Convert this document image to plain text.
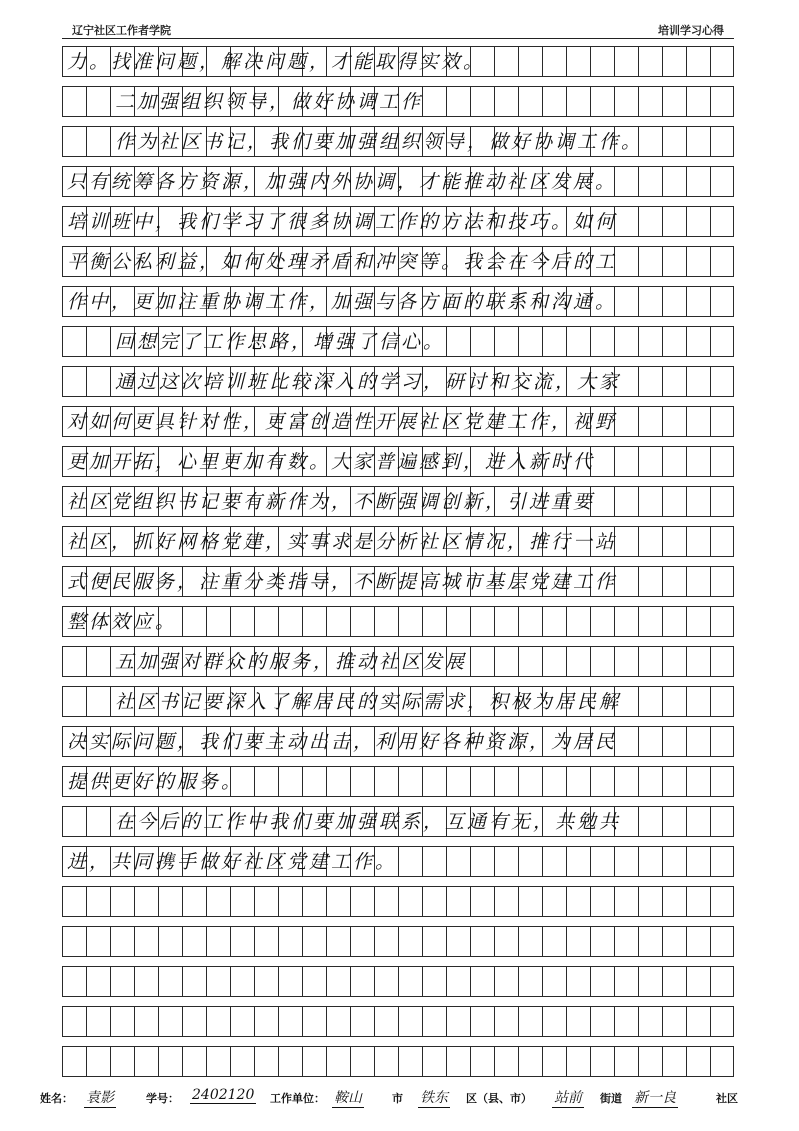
辽宁社区工作者学院	培训学习心得
力。找准问题，解决问题，才能取得实效。
二加强组织领导，做好协调工作
作为社区书记，我们要加强组织领导，做好协调工作。
只有统筹各方资源，加强内外协调，才能推动社区发展。
培训班中，我们学习了很多协调工作的方法和技巧。如何
平衡公私利益，如何处理矛盾和冲突等。我会在今后的工
作中，更加注重协调工作，加强与各方面的联系和沟通。
回想完了工作思路，增强了信心。
通过这次培训班比较深入的学习，研讨和交流，大家
对如何更具针对性，更富创造性开展社区党建工作，视野
更加开拓，心里更加有数。大家普遍感到，进入新时代
社区党组织书记要有新作为，不断强调创新，引进重要
社区，抓好网格党建，实事求是分析社区情况，推行一站
式便民服务，注重分类指导，不断提高城市基层党建工作
整体效应。
五加强对群众的服务，推动社区发展
社区书记要深入了解居民的实际需求，积极为居民解
决实际问题，我们要主动出击，利用好各种资源，为居民
提供更好的服务。
在今后的工作中我们要加强联系，互通有无，共勉共
进，共同携手做好社区党建工作。
姓名： 袁影	学号： 2402120 工作单位： 鞍山	市 铁东 区（县、市） 站前 街道 新一良	社区
